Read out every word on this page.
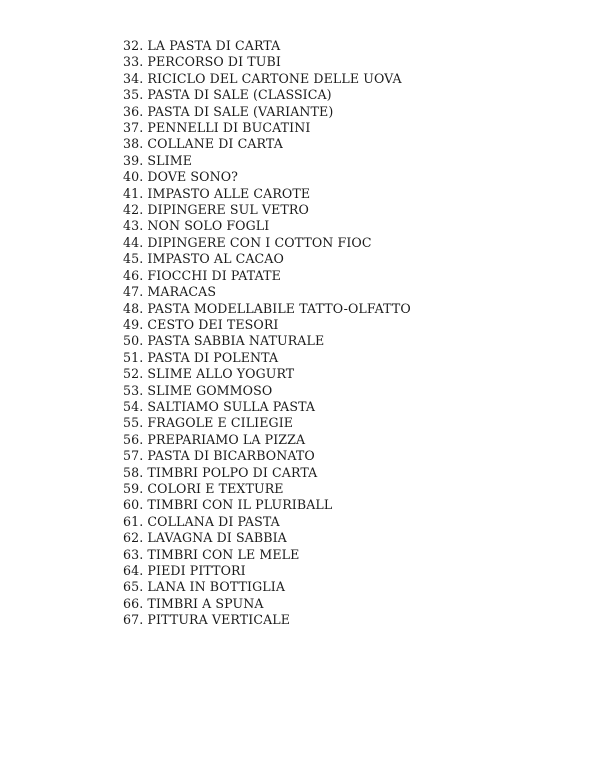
32. LA PASTA DI CARTA
33. PERCORSO DI TUBI
34. RICICLO DEL CARTONE DELLE UOVA
35. PASTA DI SALE (CLASSICA)
36. PASTA DI SALE (VARIANTE)
37. PENNELLI DI BUCATINI
38. COLLANE DI CARTA
39. SLIME
40. DOVE SONO?
41. IMPASTO ALLE CAROTE
42. DIPINGERE SUL VETRO
43. NON SOLO FOGLI
44. DIPINGERE CON I COTTON FIOC
45. IMPASTO AL CACAO
46. FIOCCHI DI PATATE
47. MARACAS
48. PASTA MODELLABILE TATTO-OLFATTO
49. CESTO DEI TESORI
50. PASTA SABBIA NATURALE
51. PASTA DI POLENTA
52. SLIME ALLO YOGURT
53. SLIME GOMMOSO
54. SALTIAMO SULLA PASTA
55. FRAGOLE E CILIEGIE
56. PREPARIAMO LA PIZZA
57. PASTA DI BICARBONATO
58. TIMBRI POLPO DI CARTA
59. COLORI E TEXTURE
60. TIMBRI CON IL PLURIBALL
61. COLLANA DI PASTA
62. LAVAGNA DI SABBIA
63. TIMBRI CON LE MELE
64. PIEDI PITTORI
65. LANA IN BOTTIGLIA
66. TIMBRI A SPUNA
67. PITTURA VERTICALE
